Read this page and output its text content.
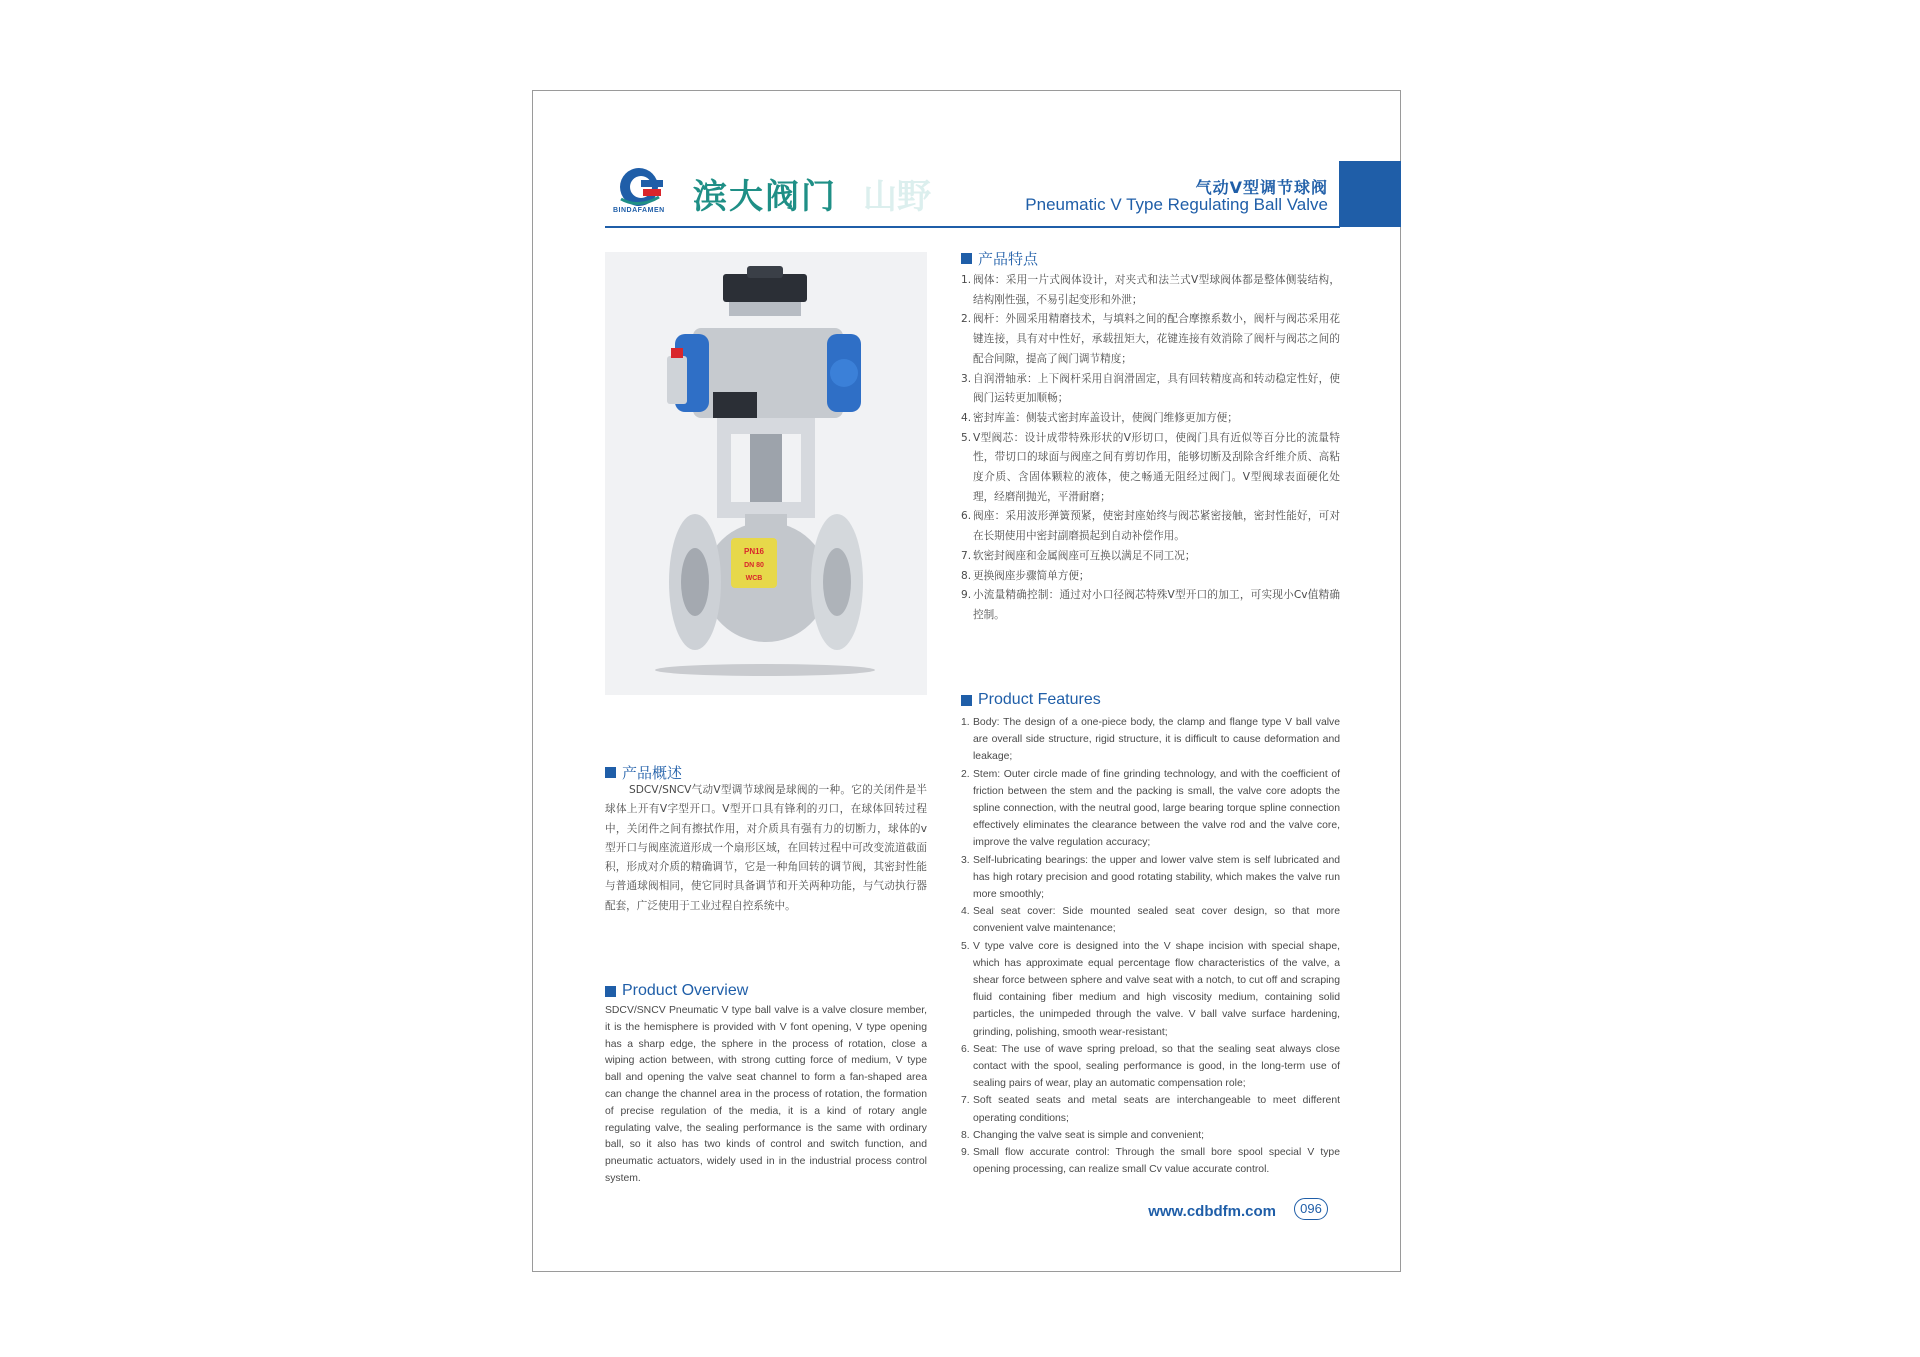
BINDAFAMEN 滨大阀门 山野	气动V型调节球阀
Pneumatic V Type Regulating Ball Valve
PN16
DN 80
WCB
产品概述
SDCV/SNCV气动V型调节球阀是球阀的一种。它的关闭件是半球体上开有V字型开口。V型开口具有锋利的刃口，在球体回转过程中，关闭件之间有擦拭作用，对介质具有强有力的切断力，球体的v型开口与阀座流道形成一个扇形区域，在回转过程中可改变流道截面积，形成对介质的精确调节，它是一种角回转的调节阀，其密封性能与普通球阀相同，使它同时具备调节和开关两种功能，与气动执行器配套，广泛使用于工业过程自控系统中。
Product Overview
SDCV/SNCV Pneumatic V type ball valve is a valve closure member, it is the hemisphere is provided with V font opening, V type opening has a sharp edge, the sphere in the process of rotation, close a wiping action between, with strong cutting force of medium, V type ball and opening the valve seat channel to form a fan-shaped area can change the channel area in the process of rotation, the formation of precise regulation of the media, it is a kind of rotary angle regulating valve, the sealing performance is the same with ordinary ball, so it also has two kinds of control and switch function, and pneumatic actuators, widely used in in the industrial process control system.
产品特点
1. 阀体：采用一片式阀体设计，对夹式和法兰式V型球阀体都是整体侧装结构，结构刚性强，不易引起变形和外泄；
2. 阀杆：外圆采用精磨技术，与填料之间的配合摩擦系数小，阀杆与阀芯采用花键连接，具有对中性好，承载扭矩大，花键连接有效消除了阀杆与阀芯之间的配合间隙，提高了阀门调节精度；
3. 自润滑轴承：上下阀杆采用自润滑固定，具有回转精度高和转动稳定性好，使阀门运转更加顺畅；
4. 密封库盖：侧装式密封库盖设计，使阀门维修更加方便；
5. V型阀芯：设计成带特殊形状的V形切口，使阀门具有近似等百分比的流量特性，带切口的球面与阀座之间有剪切作用，能够切断及刮除含纤维介质、高粘度介质、含固体颗粒的液体，使之畅通无阻经过阀门。V型阀球表面硬化处理，经磨削抛光，平滑耐磨；
6. 阀座：采用波形弹簧预紧，使密封座始终与阀芯紧密接触，密封性能好，可对在长期使用中密封副磨损起到自动补偿作用。
7. 软密封阀座和金属阀座可互换以满足不同工况；
8. 更换阀座步骤简单方便；
9. 小流量精确控制：通过对小口径阀芯特殊V型开口的加工，可实现小Cv值精确控制。
Product Features
1. Body: The design of a one-piece body, the clamp and flange type V ball valve are overall side structure, rigid structure, it is difficult to cause deformation and leakage;
2. Stem: Outer circle made of fine grinding technology, and with the coefficient of friction between the stem and the packing is small, the valve core adopts the spline connection, with the neutral good, large bearing torque spline connection effectively eliminates the clearance between the valve rod and the valve core, improve the valve regulation accuracy;
3. Self-lubricating bearings: the upper and lower valve stem is self lubricated and has high rotary precision and good rotating stability, which makes the valve run more smoothly;
4. Seal seat cover: Side mounted sealed seat cover design, so that more convenient valve maintenance;
5. V type valve core is designed into the V shape incision with special shape, which has approximate equal percentage flow characteristics of the valve, a shear force between sphere and valve seat with a notch, to cut off and scraping fluid containing fiber medium and high viscosity medium, containing solid particles, the unimpeded through the valve. V ball valve surface hardening, grinding, polishing, smooth wear-resistant;
6. Seat: The use of wave spring preload, so that the sealing seat always close contact with the spool, sealing performance is good, in the long-term use of sealing pairs of wear, play an automatic compensation role;
7. Soft seated seats and metal seats are interchangeable to meet different operating conditions;
8. Changing the valve seat is simple and convenient;
9. Small flow accurate control: Through the small bore spool special V type opening processing, can realize small Cv value accurate control.
www.cdbdfm.com	096
